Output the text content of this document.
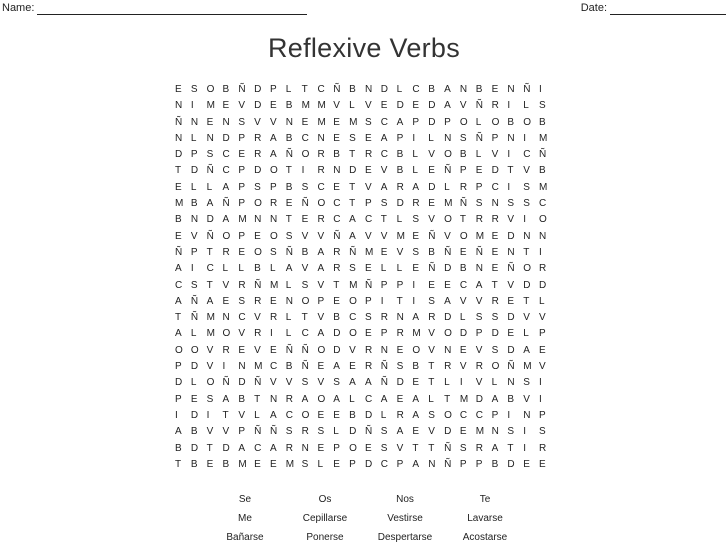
Name:	Date:
Reflexive Verbs
E S O B Ñ D P L	T C Ñ B N D L	C B A N B E N Ñ I
N I	M E V D E B M M V L	V E D E D A V Ñ R I	L	S
Ñ N E N S V V N E M E M S C A P D P O L	O B O B
N L	N D P R A B C N E S E A P I	L	N S Ñ P N I	M
D P S C E R A Ñ O R B T R C B L	V O B L	V I	C Ñ
T D Ñ C P D O T I	R N D E V B L	E Ñ P E D T V B
E L	L	A P S P B S C E T V A R A D L	R P C I	S M
M B A Ñ P O R E Ñ O C T P S D R E M Ñ S N S S C
B N D A M N N T E R C A C T L	S V O T R R V I	O
E V Ñ O P E O S V V Ñ A V V M E Ñ V O M E D N N
Ñ P T R E O S Ñ B A R Ñ M E V S B Ñ E Ñ E N T I
A I	C L	L	B L	A V A R S E L	L	E Ñ D B N E Ñ O R
C S T V R Ñ M L	S V T M Ñ P P I	E E C A T V D D
A Ñ A E S R E N O P E O P I	T I	S A V V R E T L
T Ñ M N C V R L	T V B C S R N A R D L	S S D V V
A L	M O V R I	L	C A D O E P R M V O D P D E L	P
O O V R E V E Ñ Ñ O D V R N E O V N E V S D A E
P D V I	N M C B Ñ E A E R Ñ S B T R V R O Ñ M V
D L	O Ñ D Ñ V V S V S A A Ñ D E T L	I	V L	N S I
P E S A B T N R A O A L	C A E A L	T M D A B V I
I	D I	T V L	A C O E E B D L	R A S O C C P I	N P
A B V V P Ñ Ñ S R S L	D Ñ S A E V D E M N S I	S
B D T D A C A R N E P O E S V T T Ñ S R A T I	R
T B E B M E E M S L	E P D C P A N Ñ P P B D E E
Se	Os	Nos	Te
Me	Cepillarse	Vestirse	Lavarse
Bañarse	Ponerse	Despertarse	Acostarse
